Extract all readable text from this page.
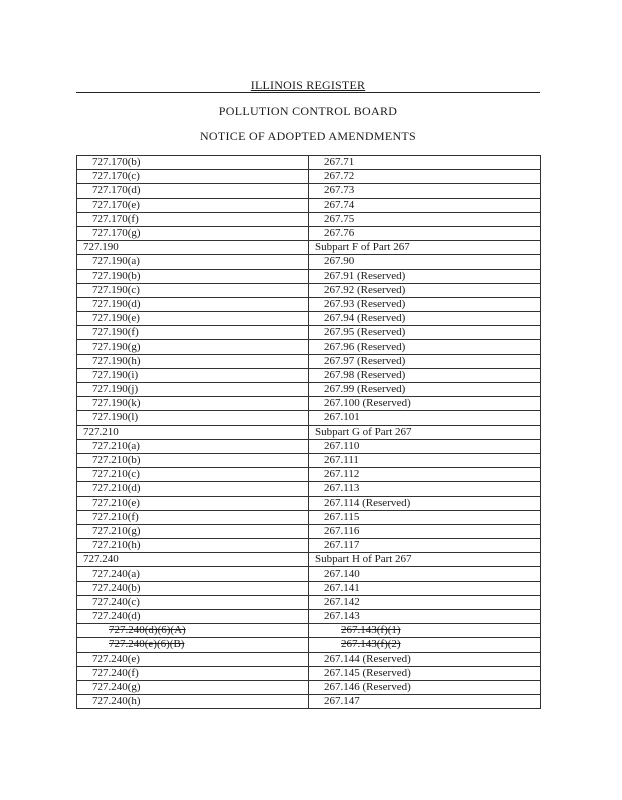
ILLINOIS REGISTER
POLLUTION CONTROL BOARD
NOTICE OF ADOPTED AMENDMENTS
727.170(b)	267.71
727.170(c)	267.72
727.170(d)	267.73
727.170(e)	267.74
727.170(f)	267.75
727.170(g)	267.76
727.190	Subpart F of Part 267
727.190(a)	267.90
727.190(b)	267.91 (Reserved)
727.190(c)	267.92 (Reserved)
727.190(d)	267.93 (Reserved)
727.190(e)	267.94 (Reserved)
727.190(f)	267.95 (Reserved)
727.190(g)	267.96 (Reserved)
727.190(h)	267.97 (Reserved)
727.190(i)	267.98 (Reserved)
727.190(j)	267.99 (Reserved)
727.190(k)	267.100 (Reserved)
727.190(l)	267.101
727.210	Subpart G of Part 267
727.210(a)	267.110
727.210(b)	267.111
727.210(c)	267.112
727.210(d)	267.113
727.210(e)	267.114 (Reserved)
727.210(f)	267.115
727.210(g)	267.116
727.210(h)	267.117
727.240	Subpart H of Part 267
727.240(a)	267.140
727.240(b)	267.141
727.240(c)	267.142
727.240(d)	267.143
727.240(d)(6)(A)	267.143(f)(1)
727.240(e)(6)(B)	267.143(f)(2)
727.240(e)	267.144 (Reserved)
727.240(f)	267.145 (Reserved)
727.240(g)	267.146 (Reserved)
727.240(h)	267.147
